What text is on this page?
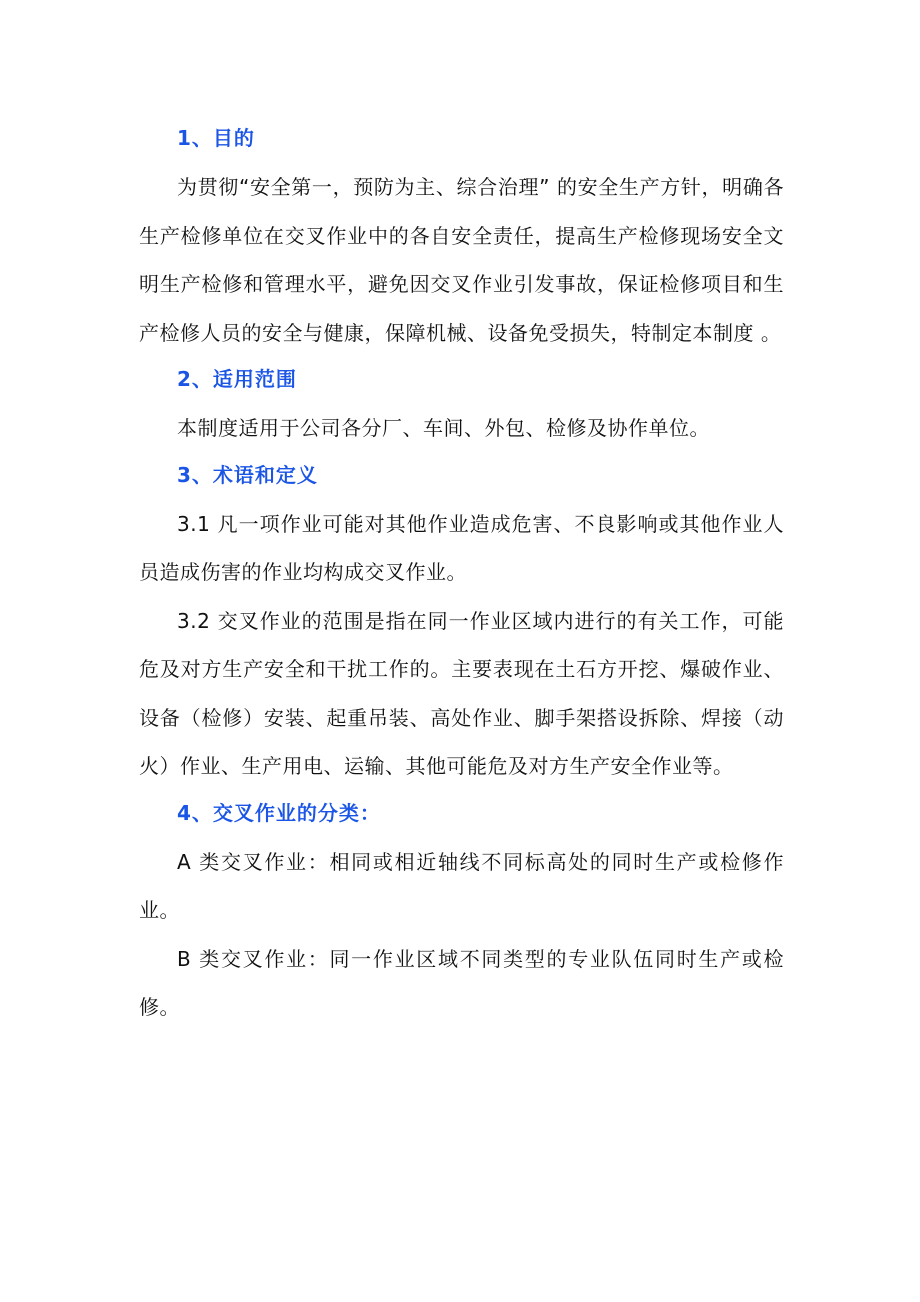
1、目的

为贯彻“安全第一，预防为主、综合治理” 的安全生产方针，明确各生产检修单位在交叉作业中的各自安全责任，提高生产检修现场安全文明生产检修和管理水平，避免因交叉作业引发事故，保证检修项目和生产检修人员的安全与健康，保障机械、设备免受损失，特制定本制度 。

2、适用范围

本制度适用于公司各分厂、车间、外包、检修及协作单位。

3、术语和定义

3.1 凡一项作业可能对其他作业造成危害、不良影响或其他作业人员造成伤害的作业均构成交叉作业。

3.2 交叉作业的范围是指在同一作业区域内进行的有关工作，可能危及对方生产安全和干扰工作的。主要表现在土石方开挖、爆破作业、设备（检修）安装、起重吊装、高处作业、脚手架搭设拆除、焊接（动火）作业、生产用电、运输、其他可能危及对方生产安全作业等。

4、交叉作业的分类：

A 类交叉作业：相同或相近轴线不同标高处的同时生产或检修作业。

B 类交叉作业：同一作业区域不同类型的专业队伍同时生产或检修。
